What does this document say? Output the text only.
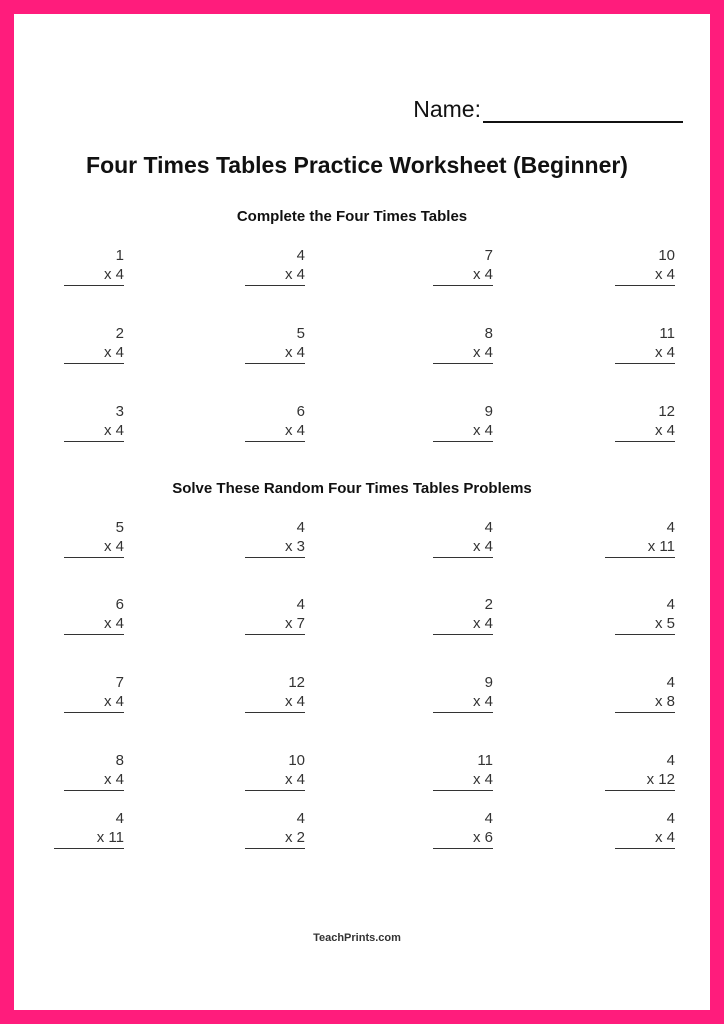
Name:
Four Times Tables Practice Worksheet (Beginner)
Complete the Four Times Tables
1
x 4
4
x 4
7
x 4
10
x 4
2
x 4
5
x 4
8
x 4
11
x 4
3
x 4
6
x 4
9
x 4
12
x 4
Solve These Random Four Times Tables Problems
5
x 4
4
x 3
4
x 4
4
x 11
6
x 4
4
x 7
2
x 4
4
x 5
7
x 4
12
x 4
9
x 4
4
x 8
8
x 4
10
x 4
11
x 4
4
x 12
4
x 11
4
x 2
4
x 6
4
x 4
TeachPrints.com
